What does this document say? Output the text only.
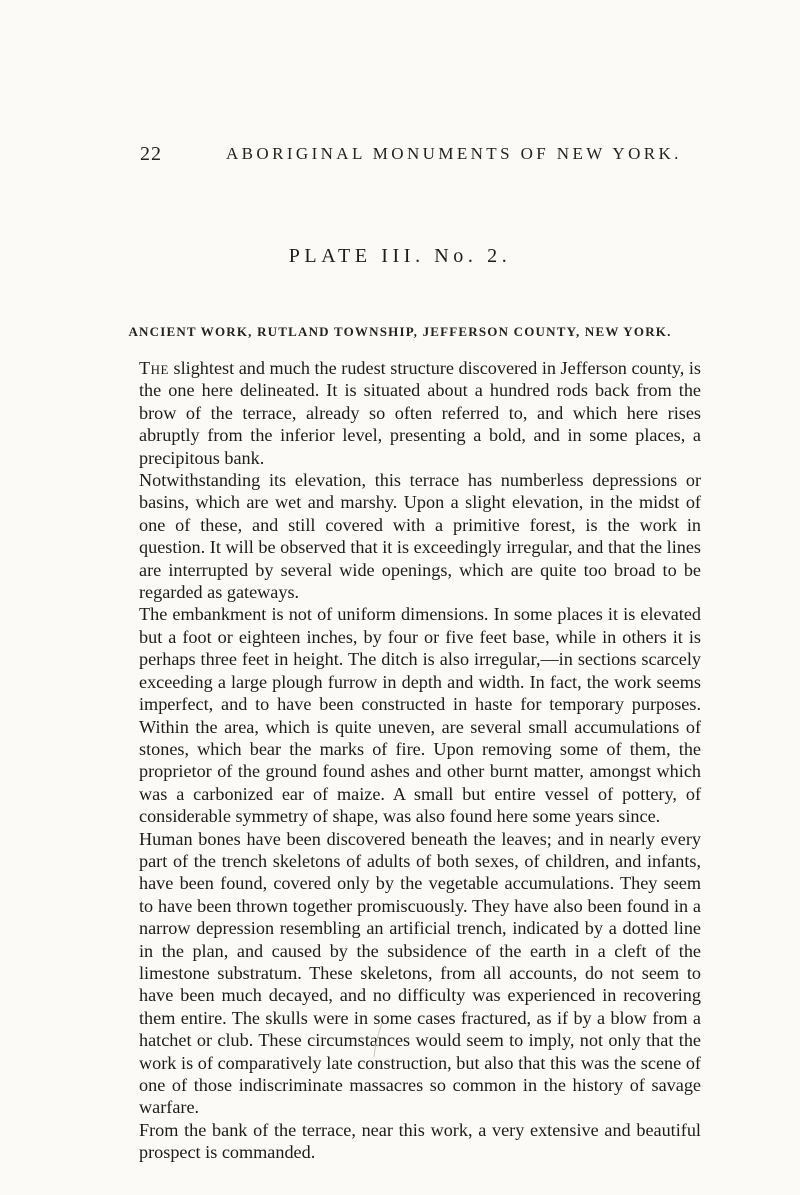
22	ABORIGINAL MONUMENTS OF NEW YORK.
PLATE III. No. 2.
ANCIENT WORK, RUTLAND TOWNSHIP, JEFFERSON COUNTY, NEW YORK.

The slightest and much the rudest structure discovered in Jefferson county, is the one here delineated. It is situated about a hundred rods back from the brow of the terrace, already so often referred to, and which here rises abruptly from the inferior level, presenting a bold, and in some places, a precipitous bank.

Notwithstanding its elevation, this terrace has numberless depressions or basins, which are wet and marshy. Upon a slight elevation, in the midst of one of these, and still covered with a primitive forest, is the work in question. It will be observed that it is exceedingly irregular, and that the lines are interrupted by several wide openings, which are quite too broad to be regarded as gateways.

The embankment is not of uniform dimensions. In some places it is elevated but a foot or eighteen inches, by four or five feet base, while in others it is perhaps three feet in height. The ditch is also irregular,—in sections scarcely exceeding a large plough furrow in depth and width. In fact, the work seems imperfect, and to have been constructed in haste for temporary purposes. Within the area, which is quite uneven, are several small accumulations of stones, which bear the marks of fire. Upon removing some of them, the proprietor of the ground found ashes and other burnt matter, amongst which was a carbonized ear of maize. A small but entire vessel of pottery, of considerable symmetry of shape, was also found here some years since.

Human bones have been discovered beneath the leaves; and in nearly every part of the trench skeletons of adults of both sexes, of children, and infants, have been found, covered only by the vegetable accumulations. They seem to have been thrown together promiscuously. They have also been found in a narrow depression resembling an artificial trench, indicated by a dotted line in the plan, and caused by the subsidence of the earth in a cleft of the limestone substratum. These skeletons, from all accounts, do not seem to have been much decayed, and no difficulty was experienced in recovering them entire. The skulls were in some cases fractured, as if by a blow from a hatchet or club. These circumstances would seem to imply, not only that the work is of comparatively late construction, but also that this was the scene of one of those indiscriminate massacres so common in the history of savage warfare.

From the bank of the terrace, near this work, a very extensive and beautiful prospect is commanded.
